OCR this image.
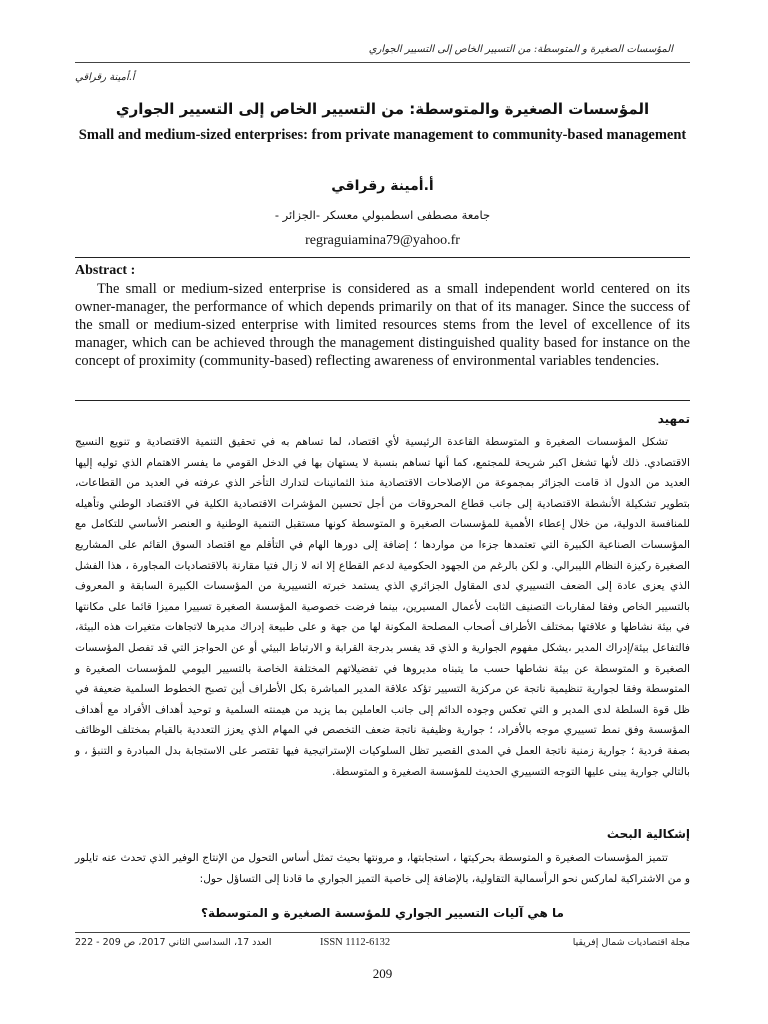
المؤسسات الصغيرة و المتوسطة: من التسيير الخاص إلى التسيير الجواري
أ.أمينة رقراقي
المؤسسات الصغيرة والمتوسطة: من التسيير الخاص إلى التسيير الجواري
Small and medium-sized enterprises: from private management to community-based management
أ.أمينة رقراقي
جامعة مصطفى اسطمبولي معسكر -الجزائر -
regraguiamina79@yahoo.fr
Abstract :

The small or medium-sized enterprise is considered as a small independent world centered on its owner-manager, the performance of which depends primarily on that of its manager. Since the success of the small or medium-sized enterprise with limited resources stems from the level of excellence of its manager, which can be achieved through the management distinguished quality based for instance on the concept of proximity (community-based) reflecting awareness of environmental variables tendencies.

تمهيد

تشكل المؤسسات الصغيرة و المتوسطة القاعدة الرئيسية لأي اقتصاد، لما تساهم به في تحقيق التنمية الاقتصادية و تنويع النسيج الاقتصادي. ذلك لأنها تشغل اكبر شريحة للمجتمع، كما أنها تساهم بنسبة لا يستهان بها في الدخل القومي ما يفسر الاهتمام الذي توليه إليها العديد من الدول اذ قامت الجزائر بمجموعة من الإصلاحات الاقتصادية منذ الثمانينات لتدارك التأخر الذي عرفته في العديد من القطاعات، بتطوير تشكيلة الأنشطة الاقتصادية إلى جانب قطاع المحروقات من أجل تحسين المؤشرات الاقتصادية الكلية في الاقتصاد الوطني وتأهيله للمنافسة الدولية، من خلال إعطاء الأهمية للمؤسسات الصغيرة و المتوسطة كونها مستقبل التنمية الوطنية و العنصر الأساسي للتكامل مع المؤسسات الصناعية الكبيرة التي تعتمدها جزءا من مواردها ؛ إضافة إلى دورها الهام في التأقلم مع اقتصاد السوق القائم على المشاريع الصغيرة ركيزة النظام الليبرالي. و لكن بالرغم من الجهود الحكومية لدعم القطاع إلا انه لا زال فتيا مقارنة بالاقتصاديات المجاورة ، هذا الفشل الذي يعزى عادة إلى الضعف التسييري لدى المقاول الجزائري الذي يستمد خبرته التسييرية من المؤسسات الكبيرة السابقة و المعروف بالتسيير الخاص وفقا لمقاربات التصنيف الثابت لأعمال المسيرين، بينما فرضت خصوصية المؤسسة الصغيرة تسييرا مميزا قائما على مكانتها في بيئة نشاطها و علاقتها بمختلف الأطراف أصحاب المصلحة المكونة لها من جهة و على طبيعة إدراك مديرها لاتجاهات متغيرات هذه البيئة، فالتفاعل بيئة/إدراك المدير ،يشكل مفهوم الجوارية و الذي قد يفسر بدرجة القرابة و الارتباط البيئي أو عن الحواجز التي قد تفصل المؤسسات الصغيرة و المتوسطة عن بيئة نشاطها حسب ما يتبناه مديروها في تفضيلاتهم المختلفة الخاصة بالتسيير اليومي للمؤسسات الصغيرة و المتوسطة وفقا لجوارية تنظيمية ناتجة عن مركزية التسيير تؤكد علاقة المدير المباشرة بكل الأطراف أين تصبح الخطوط السلمية ضعيفة في ظل قوة السلطة لدى المدير و التي تعكس وجوده الدائم إلى جانب العاملين بما يزيد من هيمنته السلمية و توحيد أهداف الأفراد مع أهداف المؤسسة وفق نمط تسييري موجه بالأفراد، ؛ جوارية وظيفية ناتجة ضعف التخصص في المهام الذي يعزز التعددية بالقيام بمختلف الوظائف بصفة فردية ؛ جوارية زمنية ناتجة العمل في المدى القصير تظل السلوكيات الإستراتيجية فيها تقتصر على الاستجابة بدل المبادرة و التنبؤ ، و بالتالي جوارية يبنى عليها التوجه التسييري الحديث للمؤسسة الصغيرة و المتوسطة.

إشكالية البحث

تتميز المؤسسات الصغيرة و المتوسطة بحركيتها ، استجابتها، و مرونتها بحيث تمثل أساس التحول من الإنتاج الوفير الذي تحدث عنه تايلور و من الاشتراكية لماركس نحو الرأسمالية التقاولية، بالإضافة إلى خاصية التميز الجواري ما قادنا إلى التساؤل حول:

ما هي آليات التسيير الجواري للمؤسسة الصغيرة و المتوسطة؟
مجلة اقتصاديات شمال إفريقيا
ISSN 1112-6132
العدد 17، السداسي الثاني 2017، ص 209 - 222
209
